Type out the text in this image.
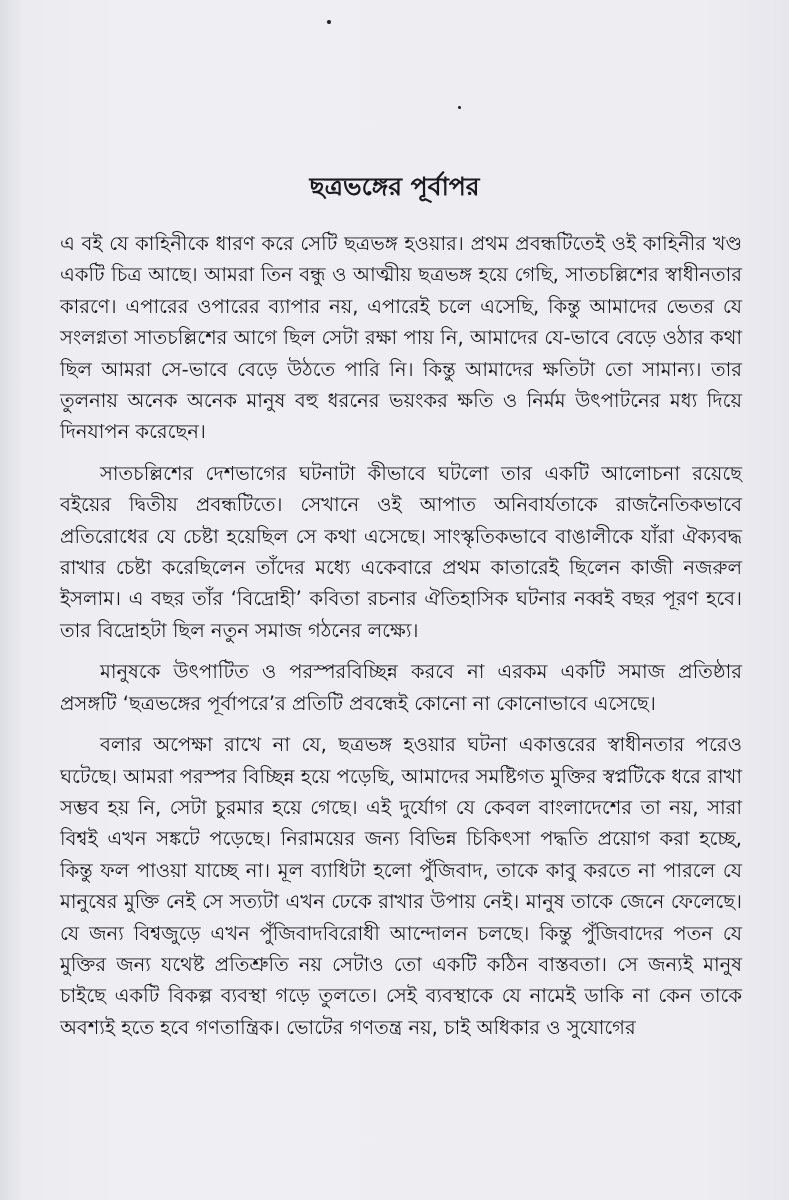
ছত্রভঙ্গের পূর্বাপর

এ বই যে কাহিনীকে ধারণ করে সেটি ছত্রভঙ্গ হওয়ার। প্রথম প্রবন্ধটিতেই ওই কাহিনীর খণ্ড একটি চিত্র আছে। আমরা তিন বন্ধু ও আত্মীয় ছত্রভঙ্গ হয়ে গেছি, সাতচল্লিশের স্বাধীনতার কারণে। এপারের ওপারের ব্যাপার নয়, এপারেই চলে এসেছি, কিন্তু আমাদের ভেতর যে সংলগ্নতা সাতচল্লিশের আগে ছিল সেটা রক্ষা পায় নি, আমাদের যে-ভাবে বেড়ে ওঠার কথা ছিল আমরা সে-ভাবে বেড়ে উঠতে পারি নি। কিন্তু আমাদের ক্ষতিটা তো সামান্য। তার তুলনায় অনেক অনেক মানুষ বহু ধরনের ভয়ংকর ক্ষতি ও নির্মম উৎপাটনের মধ্য দিয়ে দিনযাপন করেছেন।

সাতচল্লিশের দেশভাগের ঘটনাটা কীভাবে ঘটলো তার একটি আলোচনা রয়েছে বইয়ের দ্বিতীয় প্রবন্ধটিতে। সেখানে ওই আপাত অনিবার্যতাকে রাজনৈতিকভাবে প্রতিরোধের যে চেষ্টা হয়েছিল সে কথা এসেছে। সাংস্কৃতিকভাবে বাঙালীকে যাঁরা ঐক্যবদ্ধ রাখার চেষ্টা করেছিলেন তাঁদের মধ্যে একেবারে প্রথম কাতারেই ছিলেন কাজী নজরুল ইসলাম। এ বছর তাঁর ‘বিদ্রোহী’ কবিতা রচনার ঐতিহাসিক ঘটনার নব্বই বছর পূরণ হবে। তার বিদ্রোহটা ছিল নতুন সমাজ গঠনের লক্ষ্যে।

মানুষকে উৎপাটিত ও পরস্পরবিচ্ছিন্ন করবে না এরকম একটি সমাজ প্রতিষ্ঠার প্রসঙ্গটি ‘ছত্রভঙ্গের পূর্বাপরে’র প্রতিটি প্রবন্ধেই কোনো না কোনোভাবে এসেছে।

বলার অপেক্ষা রাখে না যে, ছত্রভঙ্গ হওয়ার ঘটনা একাত্তরের স্বাধীনতার পরেও ঘটেছে। আমরা পরস্পর বিচ্ছিন্ন হয়ে পড়েছি, আমাদের সমষ্টিগত মুক্তির স্বপ্নটিকে ধরে রাখা সম্ভব হয় নি, সেটা চুরমার হয়ে গেছে। এই দুর্যোগ যে কেবল বাংলাদেশের তা নয়, সারা বিশ্বই এখন সঙ্কটে পড়েছে। নিরাময়ের জন্য বিভিন্ন চিকিৎসা পদ্ধতি প্রয়োগ করা হচ্ছে, কিন্তু ফল পাওয়া যাচ্ছে না। মূল ব্যাধিটা হলো পুঁজিবাদ, তাকে কাবু করতে না পারলে যে মানুষের মুক্তি নেই সে সত্যটা এখন ঢেকে রাখার উপায় নেই। মানুষ তাকে জেনে ফেলেছে। যে জন্য বিশ্বজুড়ে এখন পুঁজিবাদবিরোধী আন্দোলন চলছে। কিন্তু পুঁজিবাদের পতন যে মুক্তির জন্য যথেষ্ট প্রতিশ্রুতি নয় সেটাও তো একটি কঠিন বাস্তবতা। সে জন্যই মানুষ চাইছে একটি বিকল্প ব্যবস্থা গড়ে তুলতে। সেই ব্যবস্থাকে যে নামেই ডাকি না কেন তাকে অবশ্যই হতে হবে গণতান্ত্রিক। ভোটের গণতন্ত্র নয়, চাই অধিকার ও সুযোগের
